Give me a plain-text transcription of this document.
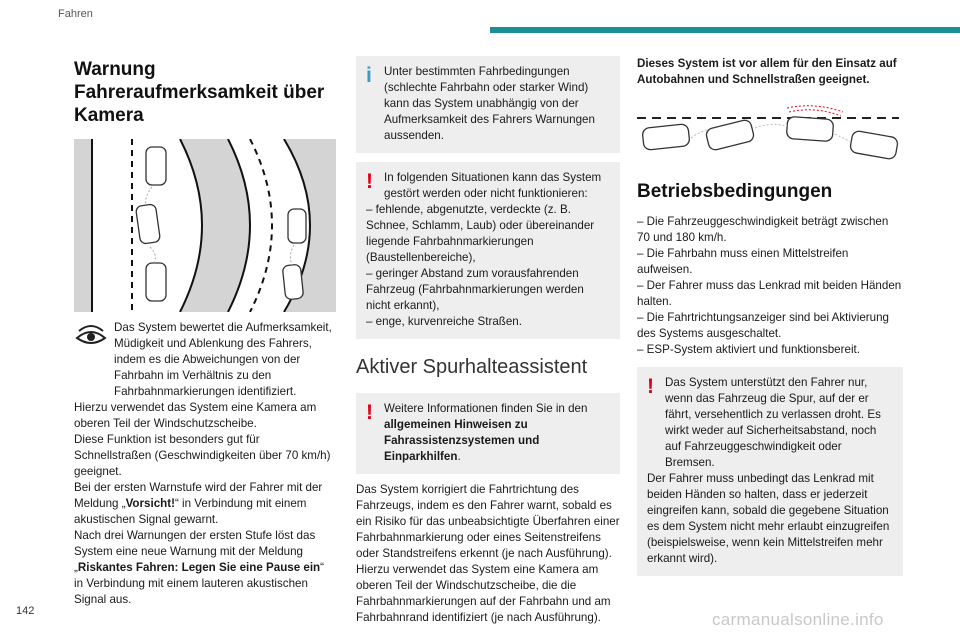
Fahren
Warnung Fahreraufmerksamkeit über Kamera

Das System bewertet die Aufmerksamkeit, Müdigkeit und Ablenkung des Fahrers, indem es die Abweichungen von der Fahrbahn im Verhältnis zu den Fahrbahnmarkierungen identifiziert.

Hierzu verwendet das System eine Kamera am oberen Teil der Windschutzscheibe.

Diese Funktion ist besonders gut für Schnellstraßen (Geschwindigkeiten über 70 km/h) geeignet.

Bei der ersten Warnstufe wird der Fahrer mit der Meldung „Vorsicht!“ in Verbindung mit einem akustischen Signal gewarnt.

Nach drei Warnungen der ersten Stufe löst das System eine neue Warnung mit der Meldung „Riskantes Fahren: Legen Sie eine Pause ein“ in Verbindung mit einem lauteren akustischen Signal aus.

i	Unter bestimmten Fahrbedingungen (schlechte Fahrbahn oder starker Wind) kann das System unabhängig von der Aufmerksamkeit des Fahrers Warnungen aussenden.

! In folgenden Situationen kann das System gestört werden oder nicht funktionieren:

– fehlende, abgenutzte, verdeckte (z. B. Schnee, Schlamm, Laub) oder übereinander liegende Fahrbahnmarkierungen (Baustellenbereiche),

– geringer Abstand zum vorausfahrenden Fahrzeug (Fahrbahnmarkierungen werden nicht erkannt),

– enge, kurvenreiche Straßen.

Aktiver Spurhalteassistent
! Weitere Informationen finden Sie in den allgemeinen Hinweisen zu Fahrassistenzsystemen und Einparkhilfen.

Das System korrigiert die Fahrtrichtung des Fahrzeugs, indem es den Fahrer warnt, sobald es ein Risiko für das unbeabsichtigte Überfahren einer Fahrbahnmarkierung oder eines Seitenstreifens oder Standstreifens erkennt (je nach Ausführung). Hierzu verwendet das System eine Kamera am oberen Teil der Windschutzscheibe, die die Fahrbahnmarkierungen auf der Fahrbahn und am Fahrbahnrand identifiziert (je nach Ausführung).

Dieses System ist vor allem für den Einsatz auf Autobahnen und Schnellstraßen geeignet.

Betriebsbedingungen

– Die Fahrzeuggeschwindigkeit beträgt zwischen 70 und 180 km/h.

– Die Fahrbahn muss einen Mittelstreifen aufweisen.

– Der Fahrer muss das Lenkrad mit beiden Händen halten.

– Die Fahrtrichtungsanzeiger sind bei Aktivierung des Systems ausgeschaltet.

– ESP-System aktiviert und funktionsbereit.

! Das System unterstützt den Fahrer nur, wenn das Fahrzeug die Spur, auf der er fährt, versehentlich zu verlassen droht. Es wirkt weder auf Sicherheitsabstand, noch auf Fahrzeuggeschwindigkeit oder Bremsen.

Der Fahrer muss unbedingt das Lenkrad mit beiden Händen so halten, dass er jederzeit eingreifen kann, sobald die gegebene Situation es dem System nicht mehr erlaubt einzugreifen (beispielsweise, wenn kein Mittelstreifen mehr erkannt wird).

142	carmanualsonline.info
